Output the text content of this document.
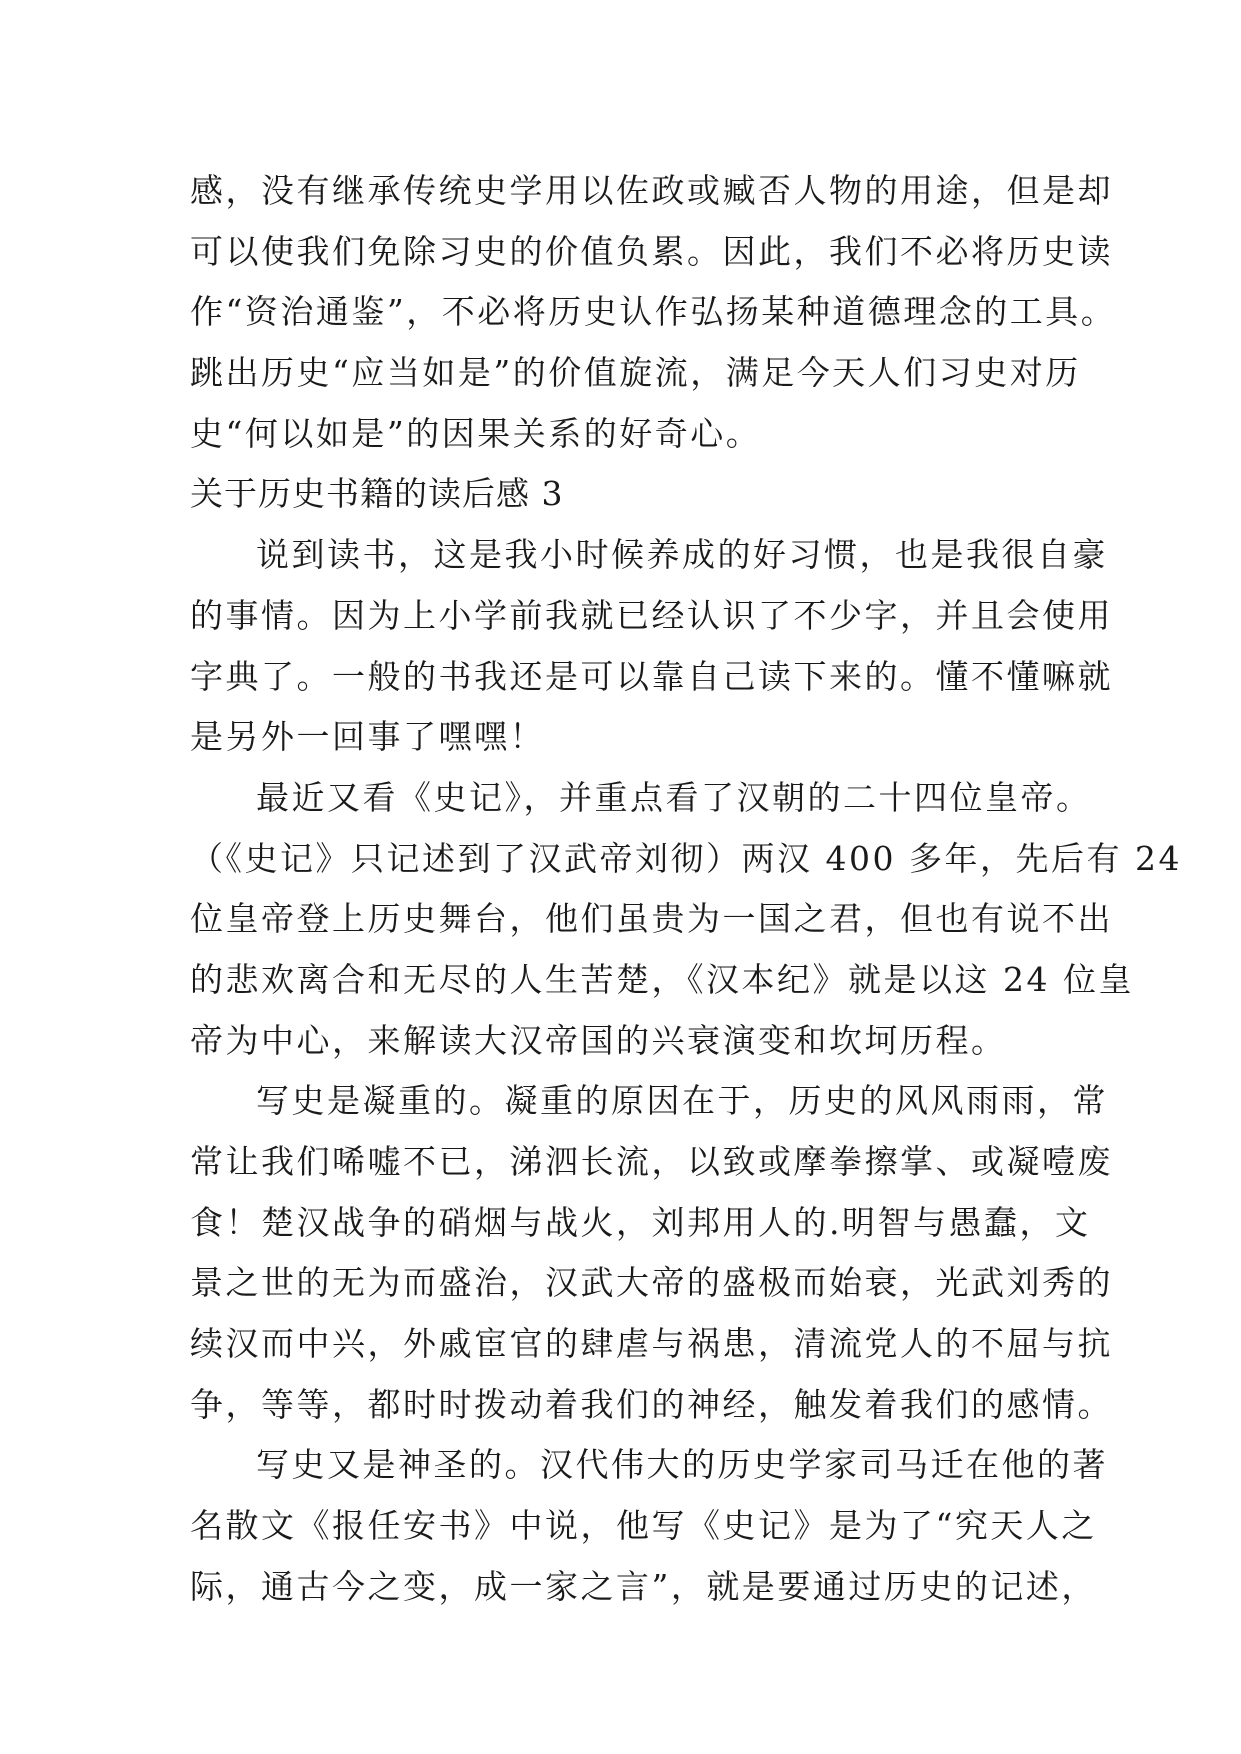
感，没有继承传统史学用以佐政或臧否人物的用途，但是却
可以使我们免除习史的价值负累。因此，我们不必将历史读
作“资治通鉴”，不必将历史认作弘扬某种道德理念的工具。
跳出历史“应当如是”的价值旋流，满足今天人们习史对历
史“何以如是”的因果关系的好奇心。
关于历史书籍的读后感 3
说到读书，这是我小时候养成的好习惯，也是我很自豪
的事情。因为上小学前我就已经认识了不少字，并且会使用
字典了。一般的书我还是可以靠自己读下来的。懂不懂嘛就
是另外一回事了嘿嘿！
最近又看《史记》，并重点看了汉朝的二十四位皇帝。
（《史记》只记述到了汉武帝刘彻）两汉 400 多年，先后有 24
位皇帝登上历史舞台，他们虽贵为一国之君，但也有说不出
的悲欢离合和无尽的人生苦楚，《汉本纪》就是以这 24 位皇
帝为中心，来解读大汉帝国的兴衰演变和坎坷历程。
写史是凝重的。凝重的原因在于，历史的风风雨雨，常
常让我们唏嘘不已，涕泗长流，以致或摩拳擦掌、或凝噎废
食！楚汉战争的硝烟与战火，刘邦用人的.明智与愚蠢，文
景之世的无为而盛治，汉武大帝的盛极而始衰，光武刘秀的
续汉而中兴，外戚宦官的肆虐与祸患，清流党人的不屈与抗
争，等等，都时时拨动着我们的神经，触发着我们的感情。
写史又是神圣的。汉代伟大的历史学家司马迁在他的著
名散文《报任安书》中说，他写《史记》是为了“究天人之
际，通古今之变，成一家之言”，就是要通过历史的记述，
